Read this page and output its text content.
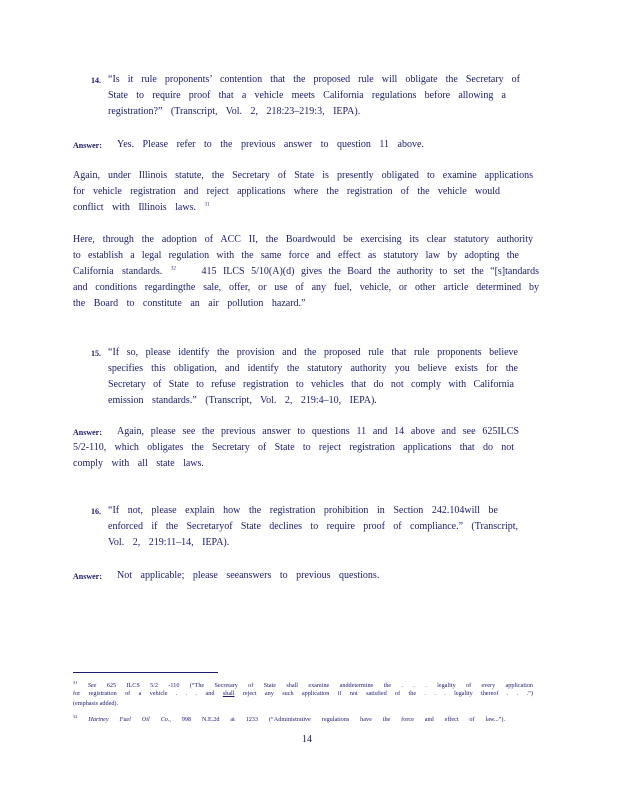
14. “Is it rule proponents’ contention that the proposed rule will obligate the Secretary of
State to require proof that a vehicle meets California regulations before allowing a
registration?” (Transcript, Vol. 2, 218:23–219:3, IEPA).
Answer: Yes. Please refer to the previous answer to question 11 above.
Again, under Illinois statute, the Secretary of State is presently obligated to examine applications
for vehicle registration and reject applications where the registration of the vehicle would
conflict with Illinois laws. $^{31}$
Here, through the adoption of ACC II, the Boardwould be exercising its clear statutory authority
to establish a legal regulation with the same force and effect as statutory law by adopting the
California standards. $^{32}$	415 ILCS 5/10(A)(d) gives the Board the authority to set the “[s]tandards
and conditions regardingthe sale, offer, or use of any fuel, vehicle, or other article determined by
the Board to constitute an air pollution hazard.”
15. “If so, please identify the provision and the proposed rule that rule proponents believe
specifies this obligation, and identify the statutory authority you believe exists for the
Secretary of State to refuse registration to vehicles that do not comply with California
emission standards.” (Transcript, Vol. 2, 219:4–10, IEPA).
Answer: Again, please see the previous answer to questions 11 and 14 above and see 625ILCS
5/2-110, which obligates the Secretary of State to reject registration applications that do not
comply with all state laws.
16. “If not, please explain how the registration prohibition in Section 242.104will be
enforced if the Secretaryof State declines to require proof of compliance.” (Transcript,
Vol. 2, 219:11–14, IEPA).
Answer: Not applicable; please seeanswers to previous questions.
$^{31}$ See 625 ILCS 5/2 -110 (“The Secretary of State shall examine anddetermine the . . . legality of every application
for registration of a vehicle . . . and shall reject any such application if not satisfied of the . . . legality thereof . . .”)
(emphasis added).
$^{32}$ Hartney Fuel Oil Co., 998 N.E.2d at 1233 (“Administrative regulations have the force and effect of law...”).
14
